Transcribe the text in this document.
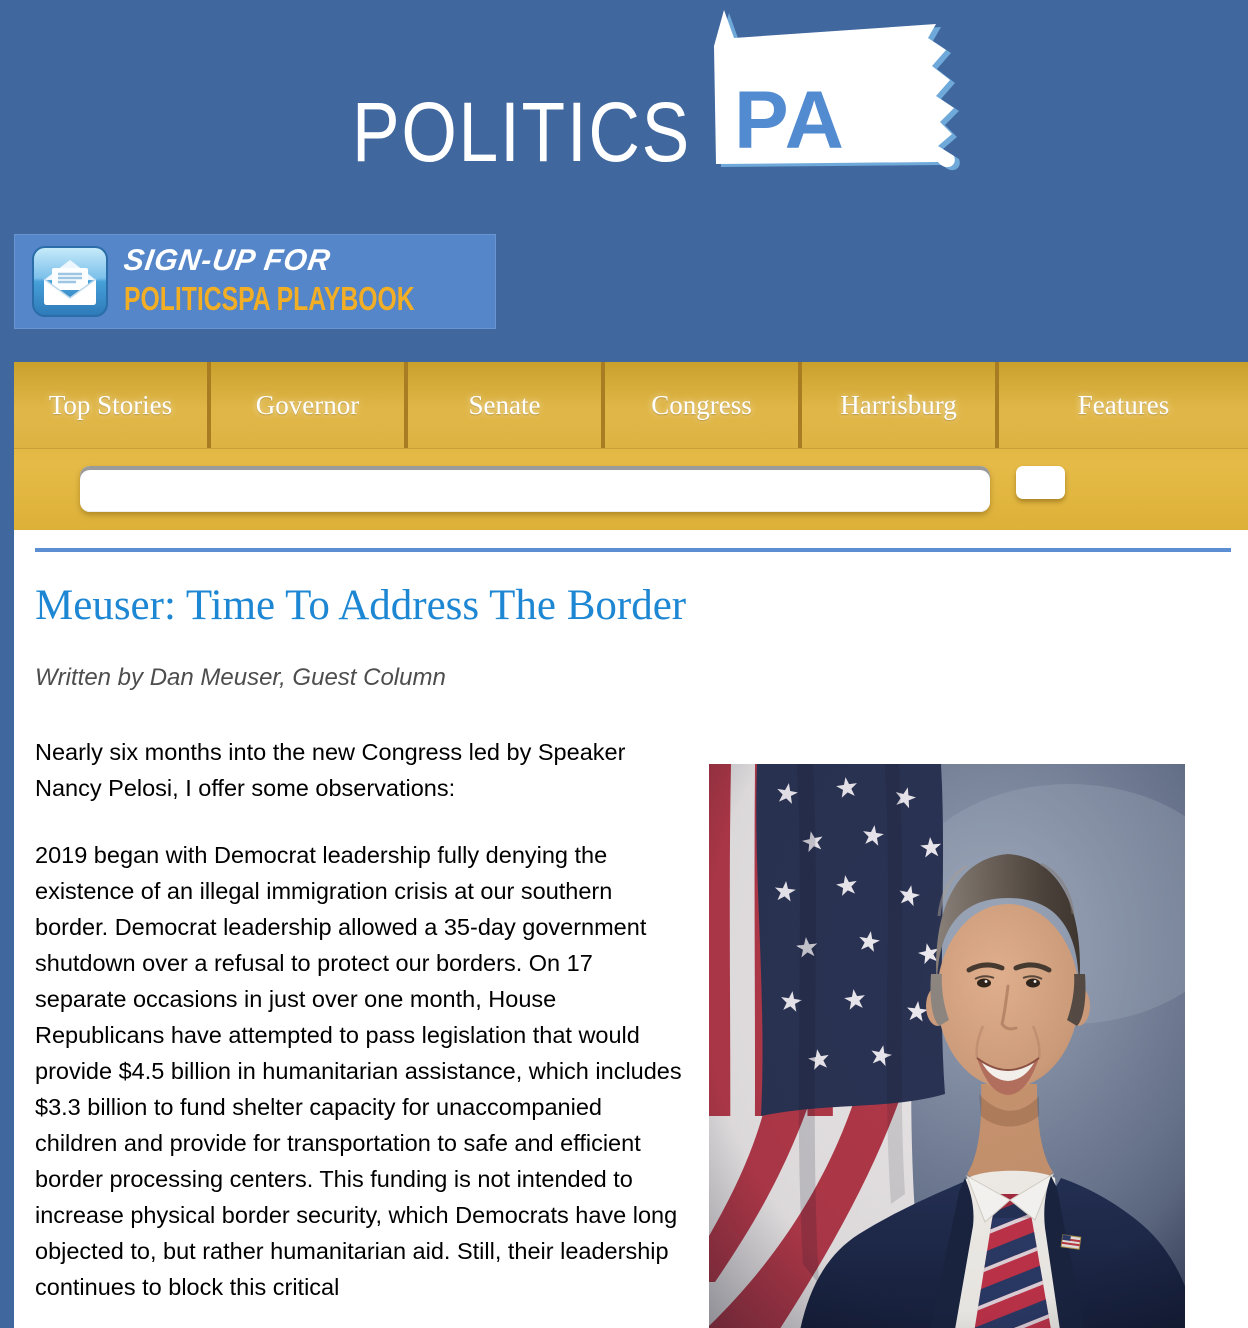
POLITICS PA
SIGN-UP FOR
POLITICSPA PLAYBOOK
Top Stories	Governor	Senate	Congress	Harrisburg	Features
Meuser: Time To Address The Border
Written by Dan Meuser, Guest Column

Nearly six months into the new Congress led by Speaker Nancy Pelosi, I offer some observations:

2019 began with Democrat leadership fully denying the existence of an illegal immigration crisis at our southern border. Democrat leadership allowed a 35-day government shutdown over a refusal to protect our borders. On 17 separate occasions in just over one month, House Republicans have attempted to pass legislation that would provide $4.5 billion in humanitarian assistance, which includes $3.3 billion to fund shelter capacity for unaccompanied children and provide for transportation to safe and efficient border processing centers. This funding is not intended to increase physical border security, which Democrats have long objected to, but rather humanitarian aid. Still, their leadership continues to block this critical
